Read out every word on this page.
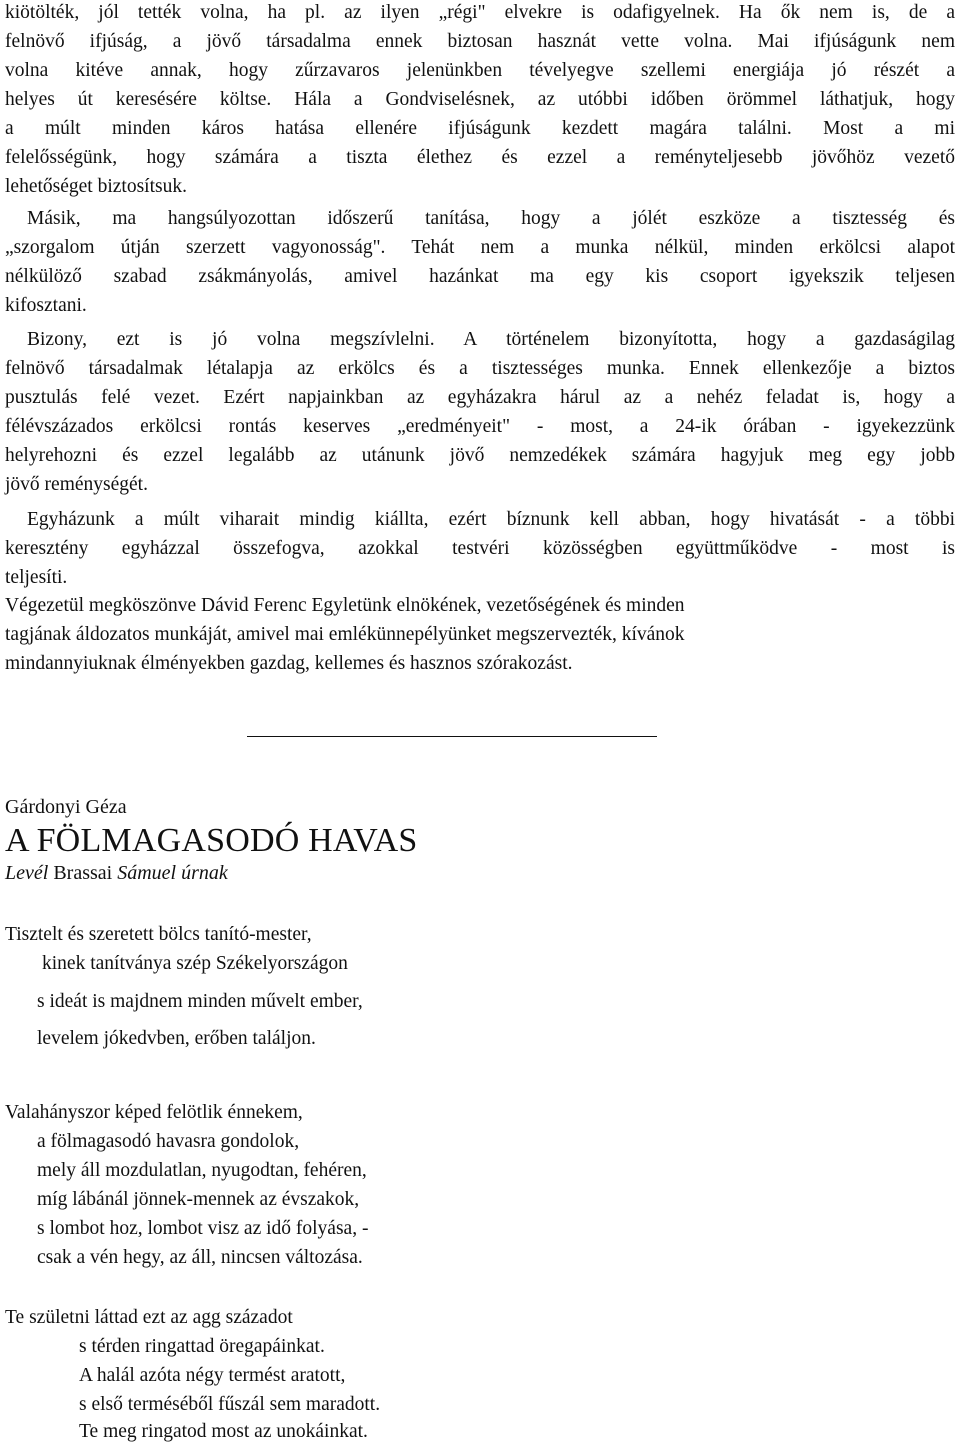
kiötölték, jól tették volna, ha pl. az ilyen „régi" elvekre is odafigyelnek. Ha ők nem is, de a
felnövő ifjúság, a jövő társadalma ennek biztosan hasznát vette volna. Mai ifjúságunk nem
volna kitéve annak, hogy zűrzavaros jelenünkben tévelyegve szellemi energiája jó részét a
helyes út keresésére költse. Hála a Gondviselésnek, az utóbbi időben örömmel láthatjuk, hogy
a múlt minden káros hatása ellenére ifjúságunk kezdett magára találni. Most a mi
felelősségünk, hogy számára a tiszta élethez és ezzel a reményteljesebb jövőhöz vezető
lehetőséget biztosítsuk.
Másik, ma hangsúlyozottan időszerű tanítása, hogy a jólét eszköze a tisztesség és
„szorgalom útján szerzett vagyonosság". Tehát nem a munka nélkül, minden erkölcsi alapot
nélkülöző szabad zsákmányolás, amivel hazánkat ma egy kis csoport igyekszik teljesen
kifosztani.
Bizony, ezt is jó volna megszívlelni. A történelem bizonyította, hogy a gazdaságilag
felnövő társadalmak létalapja az erkölcs és a tisztességes munka. Ennek ellenkezője a biztos
pusztulás felé vezet. Ezért napjainkban az egyházakra hárul az a nehéz feladat is, hogy a
félévszázados erkölcsi rontás keserves „eredményeit" - most, a 24-ik órában - igyekezzünk
helyrehozni és ezzel legalább az utánunk jövő nemzedékek számára hagyjuk meg egy jobb
jövő reménységét.
Egyházunk a múlt viharait mindig kiállta, ezért bíznunk kell abban, hogy hivatását - a többi
keresztény egyházzal összefogva, azokkal testvéri közösségben együttműködve - most is
teljesíti.
Végezetül megköszönve Dávid Ferenc Egyletünk elnökének, vezetőségének és minden
tagjának áldozatos munkáját, amivel mai emlékünnepélyünket megszervezték, kívánok
mindannyiuknak élményekben gazdag, kellemes és hasznos szórakozást.
Gárdonyi Géza
A FÖLMAGASODÓ HAVAS
Levél Brassai Sámuel úrnak
Tisztelt és szeretett bölcs tanító-mester,
kinek tanítványa szép Székelyországon
s ideát is majdnem minden művelt ember,
levelem jókedvben, erőben találjon.
Valahányszor képed felötlik énnekem,
a fölmagasodó havasra gondolok,
mely áll mozdulatlan, nyugodtan, fehéren,
míg lábánál jönnek-mennek az évszakok,
s lombot hoz, lombot visz az idő folyása, -
csak a vén hegy, az áll, nincsen változása.
Te születni láttad ezt az agg századot
s térden ringattad öregapáinkat.
A halál azóta négy termést aratott,
s első terméséből fűszál sem maradott.
Te meg ringatod most az unokáinkat.
